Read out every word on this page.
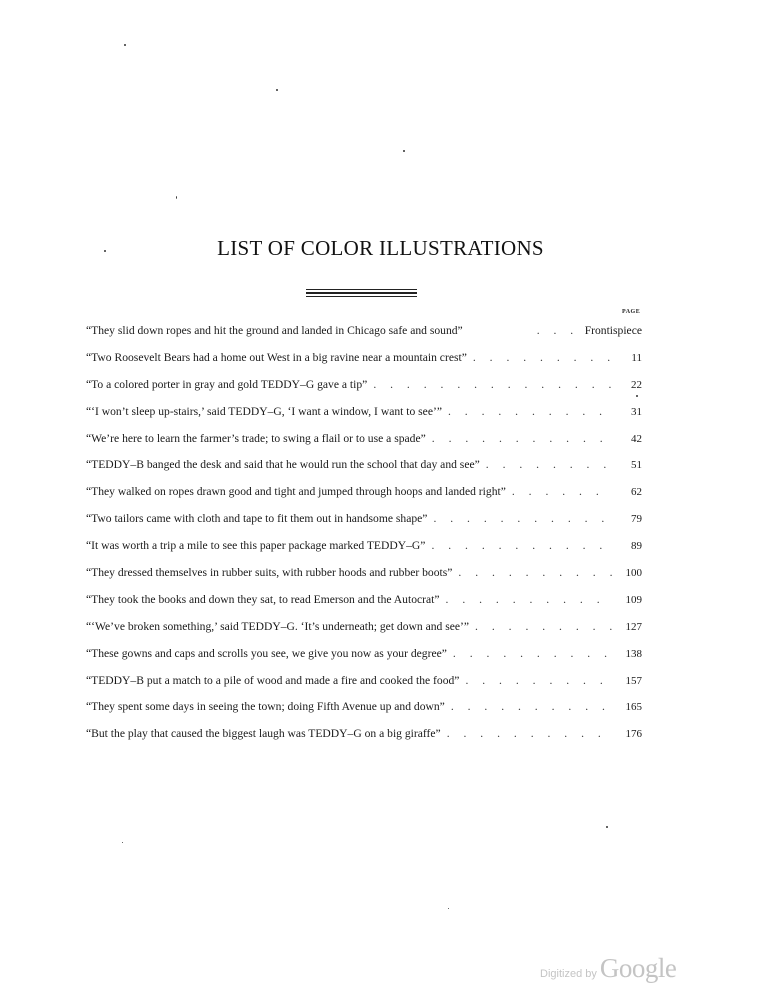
LIST OF COLOR ILLUSTRATIONS
PAGE
“They slid down ropes and hit the ground and landed in Chicago safe and sound” . . .	Frontispiece
“Two Roosevelt Bears had a home out West in a big ravine near a mountain crest” . . .	11
“To a colored porter in gray and gold TEDDY–G gave a tip” . . .	22
“‘I won’t sleep up-stairs,’ said TEDDY–G, ‘I want a window, I want to see’” . . .	31
“We’re here to learn the farmer’s trade; to swing a flail or to use a spade” . . .	42
“TEDDY–B banged the desk and said that he would run the school that day and see” . . .	51
“They walked on ropes drawn good and tight and jumped through hoops and landed right” . . .	62
“Two tailors came with cloth and tape to fit them out in handsome shape” . . .	79
“It was worth a trip a mile to see this paper package marked TEDDY–G” . . .	89
“They dressed themselves in rubber suits, with rubber hoods and rubber boots” . . .	100
“They took the books and down they sat, to read Emerson and the Autocrat” . . .	109
“‘We’ve broken something,’ said TEDDY–G. ‘It’s underneath; get down and see’” . . .	127
“These gowns and caps and scrolls you see, we give you now as your degree” . . .	138
“TEDDY–B put a match to a pile of wood and made a fire and cooked the food” . . .	157
“They spent some days in seeing the town; doing Fifth Avenue up and down” . . .	165
“But the play that caused the biggest laugh was TEDDY–G on a big giraffe” . . .	176
Digitized by Google
